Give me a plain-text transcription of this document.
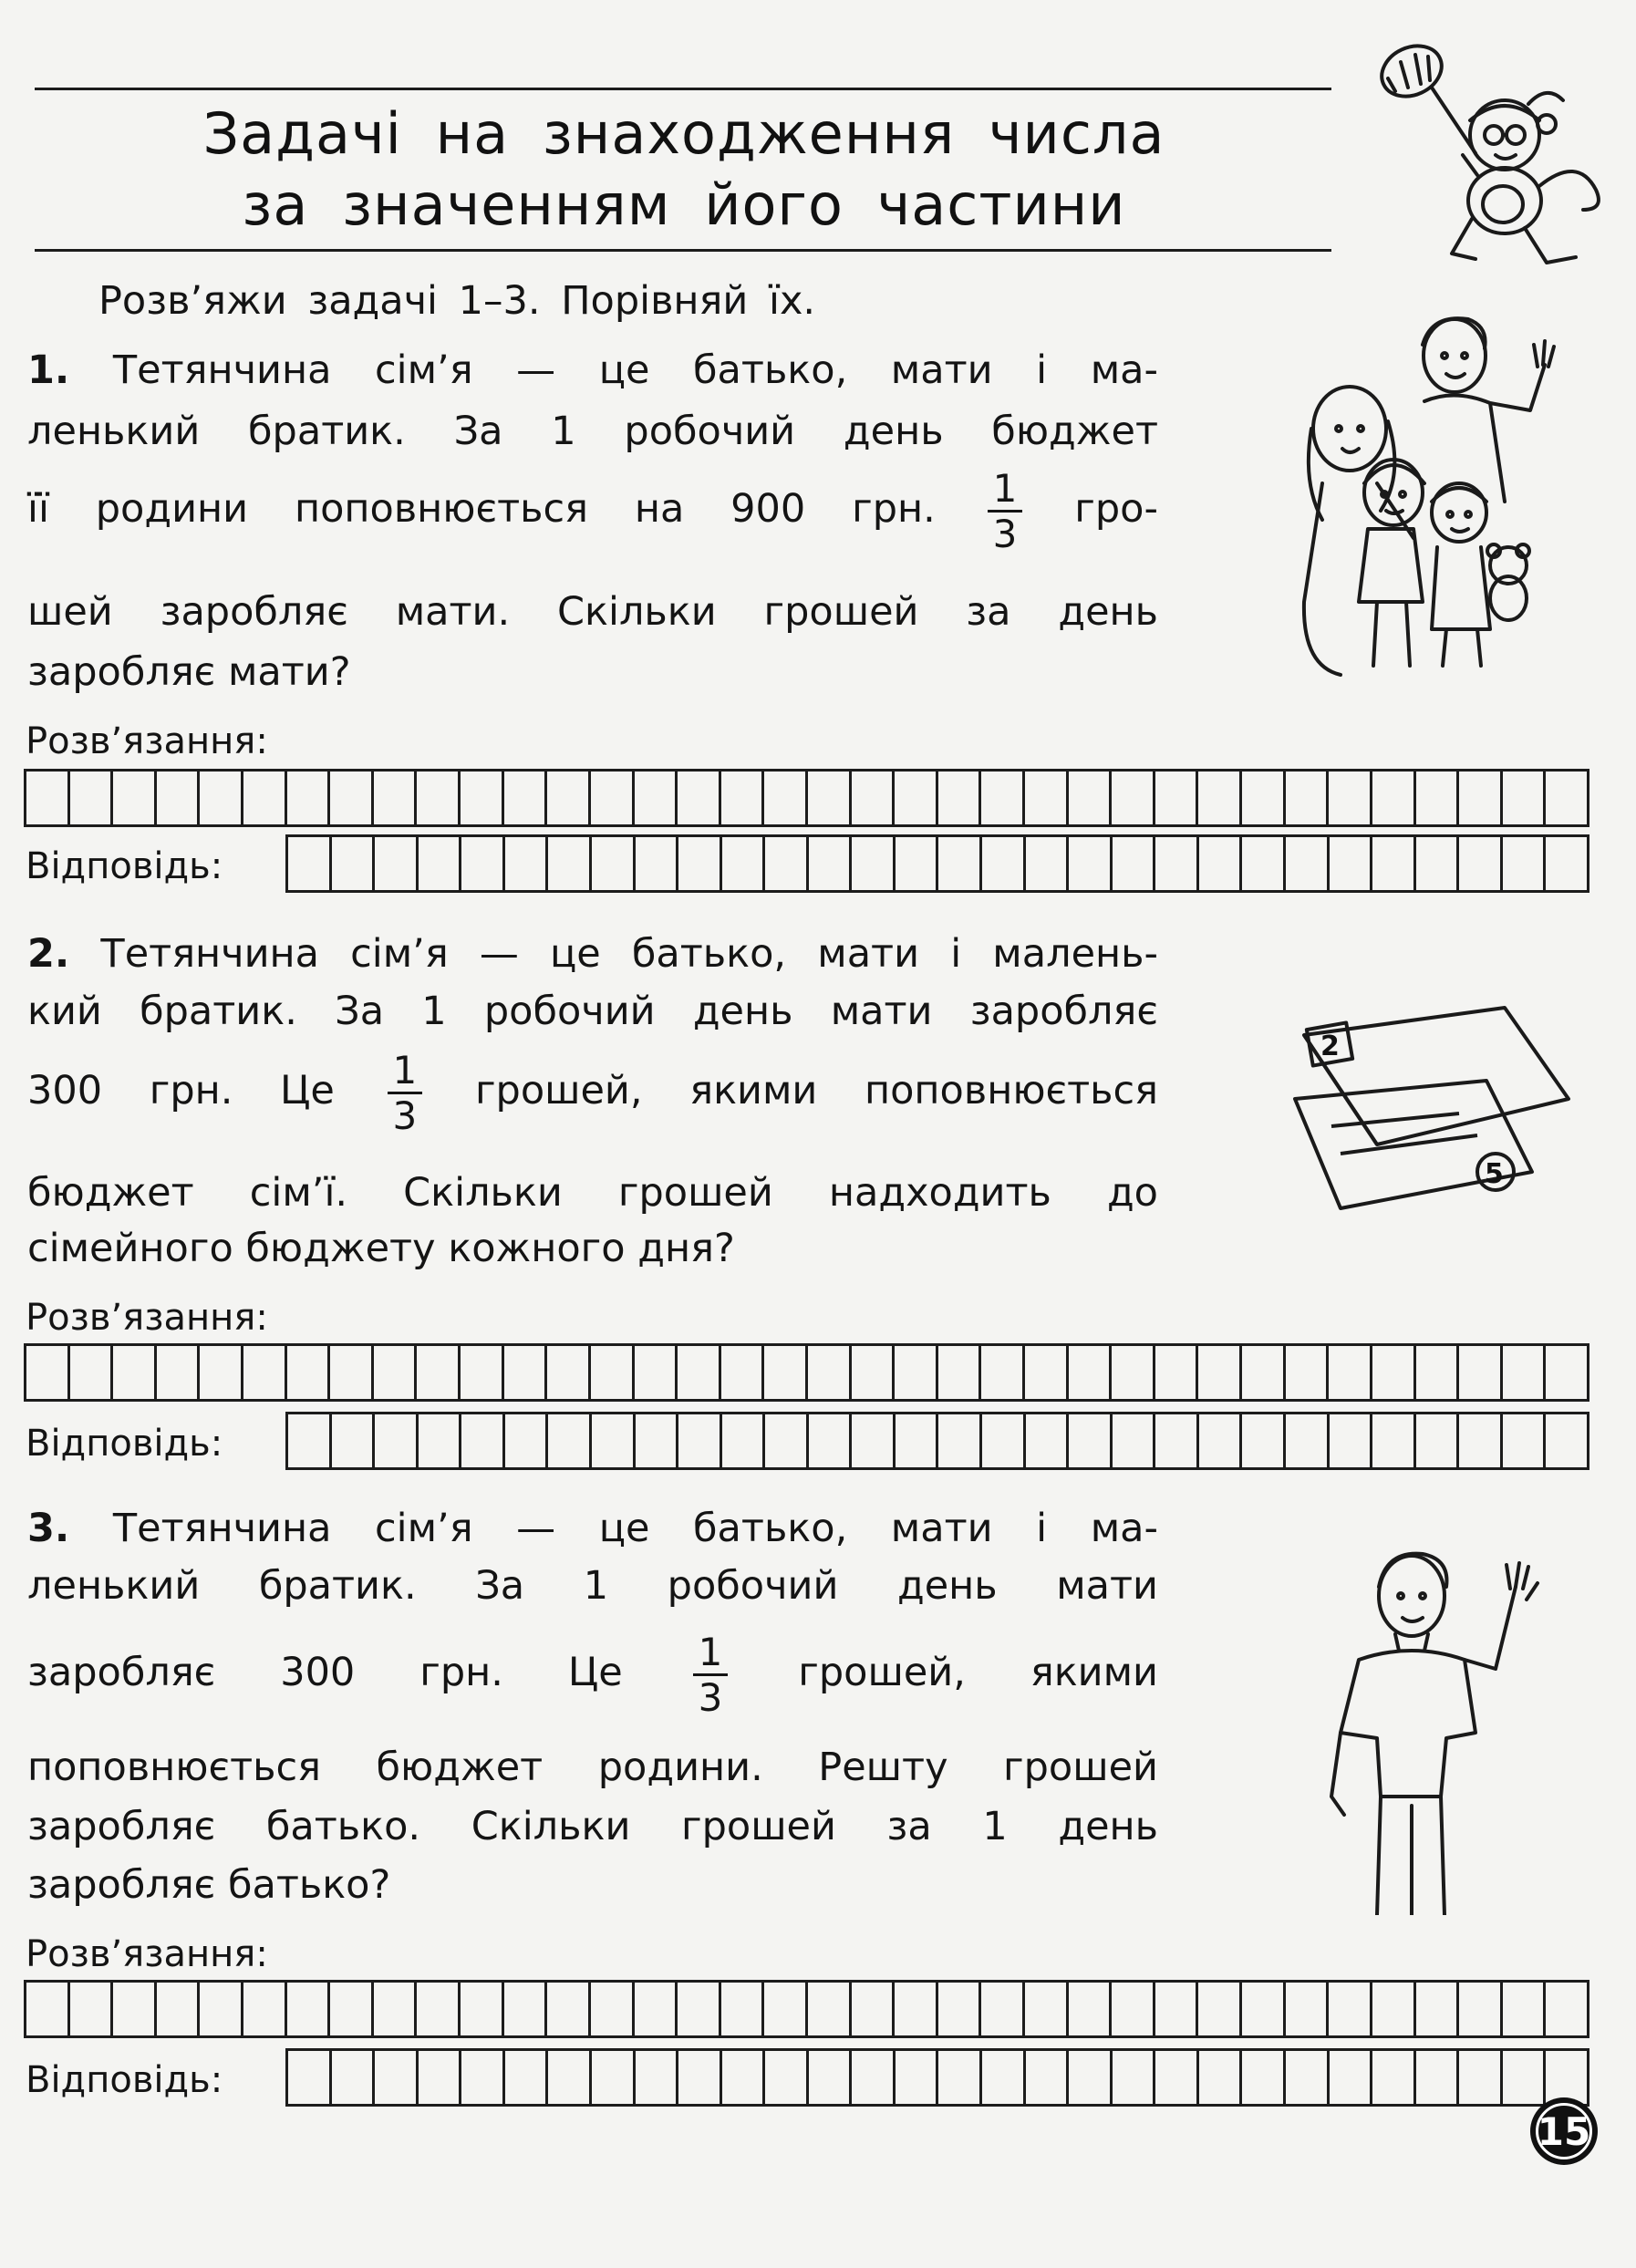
Задачі на знаходження числа
за значенням його частини
Розв’яжи задачі 1–3. Порівняй їх.
1. Тетянчина сім’я — це батько, мати і ма-
ленький братик. За 1 робочий день бюджет
її родини поповнюється на 900 грн. $\frac{1}{3} гро-$
шей заробляє мати. Скільки грошей за день
заробляє мати?
Розв’язання:
Відповідь:
2. Тетянчина сім’я — це батько, мати і малень-
кий братик. За 1 робочий день мати заробляє
300 грн. Це $\frac{1}{3}$ грошей, якими поповнюється
бюджет сім’ї. Скільки грошей надходить до
сімейного бюджету кожного дня?
2
5
Розв’язання:
Відповідь:
3. Тетянчина сім’я — це батько, мати і ма-
ленький братик. За 1 робочий день мати
заробляє 300 грн. Це $\frac{1}{3}$ грошей, якими
поповнюється бюджет родини. Решту грошей
заробляє батько. Скільки грошей за 1 день
заробляє батько?
Розв’язання:
Відповідь:
15
